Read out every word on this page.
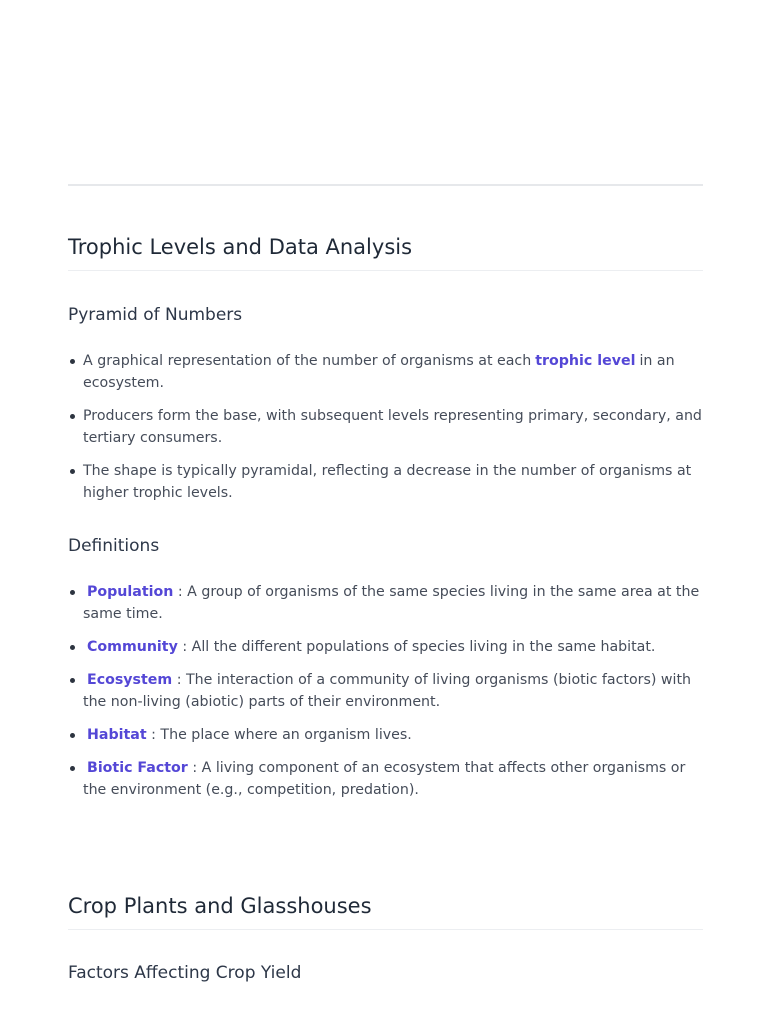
Trophic Levels and Data Analysis
Pyramid of Numbers
A graphical representation of the number of organisms at each trophic level in an ecosystem.
Producers form the base, with subsequent levels representing primary, secondary, and tertiary consumers.
The shape is typically pyramidal, reflecting a decrease in the number of organisms at higher trophic levels.
Definitions
Population : A group of organisms of the same species living in the same area at the same time.
Community : All the different populations of species living in the same habitat.
Ecosystem : The interaction of a community of living organisms (biotic factors) with the non-living (abiotic) parts of their environment.
Habitat : The place where an organism lives.
Biotic Factor : A living component of an ecosystem that affects other organisms or the environment (e.g., competition, predation).
Crop Plants and Glasshouses
Factors Affecting Crop Yield
